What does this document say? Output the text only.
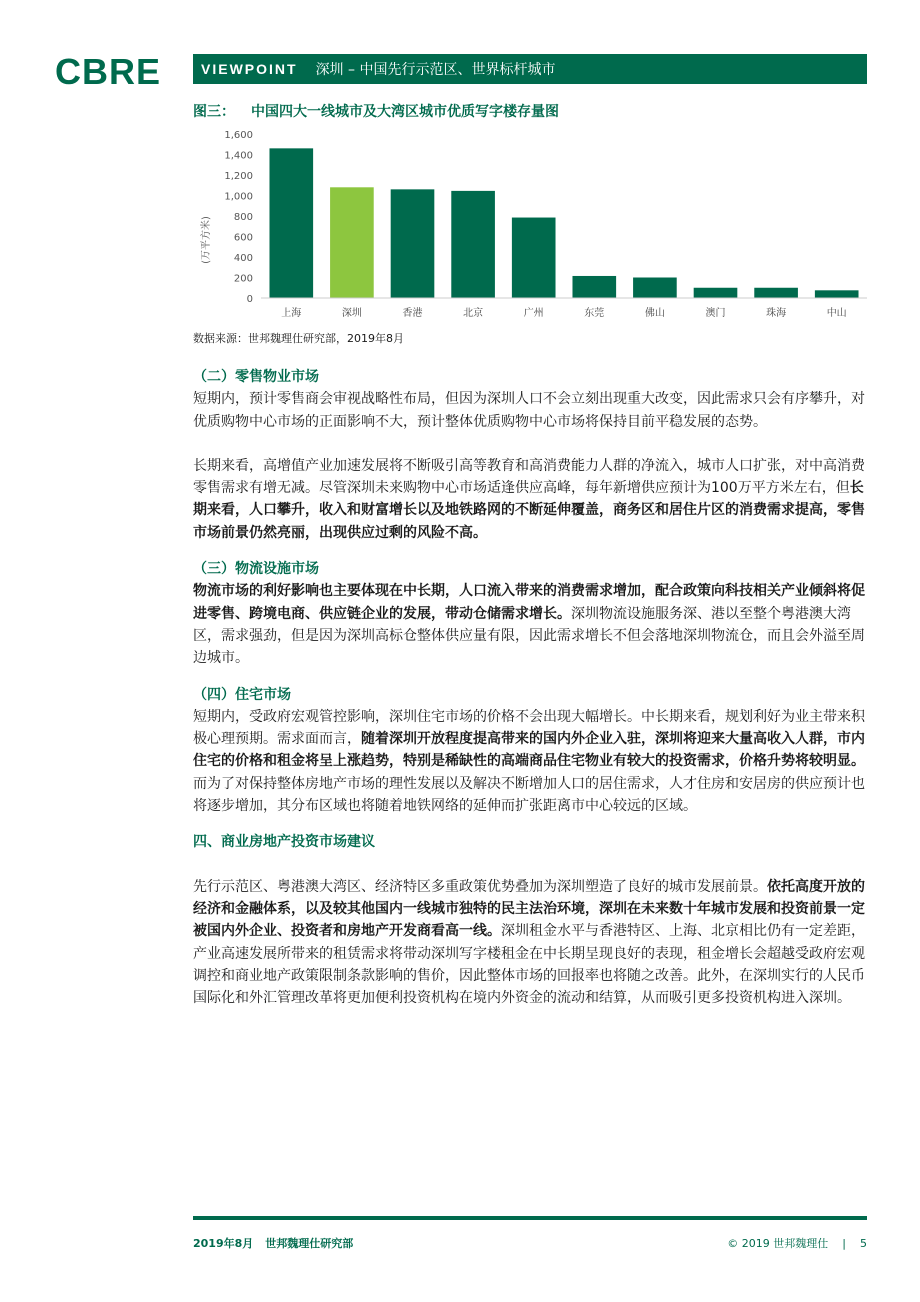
CBRE	VIEWPOINT 深圳 – 中国先行示范区、世界标杆城市
图三： 中国四大一线城市及大湾区城市优质写字楼存量图
0
200
400
600
800
1,000
1,200
1,400
1,600
上海	深圳	香港	北京	广州	东莞	佛山	澳门	珠海	中山
(万平方米)
数据来源：世邦魏理仕研究部，2019年8月

（二）零售物业市场

短期内，预计零售商会审视战略性布局，但因为深圳人口不会立刻出现重大改变，因此需求只会有序攀升，对优质购物中心市场的正面影响不大，预计整体优质购物中心市场将保持目前平稳发展的态势。

长期来看，高增值产业加速发展将不断吸引高等教育和高消费能力人群的净流入，城市人口扩张，对中高消费零售需求有增无减。尽管深圳未来购物中心市场适逢供应高峰，每年新增供应预计为100万平方米左右，但长期来看，人口攀升，收入和财富增长以及地铁路网的不断延伸覆盖，商务区和居住片区的消费需求提高，零售市场前景仍然亮丽，出现供应过剩的风险不高。

（三）物流设施市场

物流市场的利好影响也主要体现在中长期，人口流入带来的消费需求增加，配合政策向科技相关产业倾斜将促进零售、跨境电商、供应链企业的发展，带动仓储需求增长。深圳物流设施服务深、港以至整个粤港澳大湾区，需求强劲，但是因为深圳高标仓整体供应量有限，因此需求增长不但会落地深圳物流仓，而且会外溢至周边城市。

（四）住宅市场

短期内，受政府宏观管控影响，深圳住宅市场的价格不会出现大幅增长。中长期来看，规划利好为业主带来积极心理预期。需求面而言，随着深圳开放程度提高带来的国内外企业入驻，深圳将迎来大量高收入人群，市内住宅的价格和租金将呈上涨趋势，特别是稀缺性的高端商品住宅物业有较大的投资需求，价格升势将较明显。而为了对保持整体房地产市场的理性发展以及解决不断增加人口的居住需求，人才住房和安居房的供应预计也将逐步增加，其分布区域也将随着地铁网络的延伸而扩张距离市中心较远的区域。

四、商业房地产投资市场建议

先行示范区、粤港澳大湾区、经济特区多重政策优势叠加为深圳塑造了良好的城市发展前景。依托高度开放的经济和金融体系，以及较其他国内一线城市独特的民主法治环境，深圳在未来数十年城市发展和投资前景一定被国内外企业、投资者和房地产开发商看高一线。深圳租金水平与香港特区、上海、北京相比仍有一定差距，产业高速发展所带来的租赁需求将带动深圳写字楼租金在中长期呈现良好的表现，租金增长会超越受政府宏观调控和商业地产政策限制条款影响的售价，因此整体市场的回报率也将随之改善。此外，在深圳实行的人民币国际化和外汇管理改革将更加便利投资机构在境内外资金的流动和结算，从而吸引更多投资机构进入深圳。

2019年8月 世邦魏理仕研究部	© 2019 世邦魏理仕 | 5
